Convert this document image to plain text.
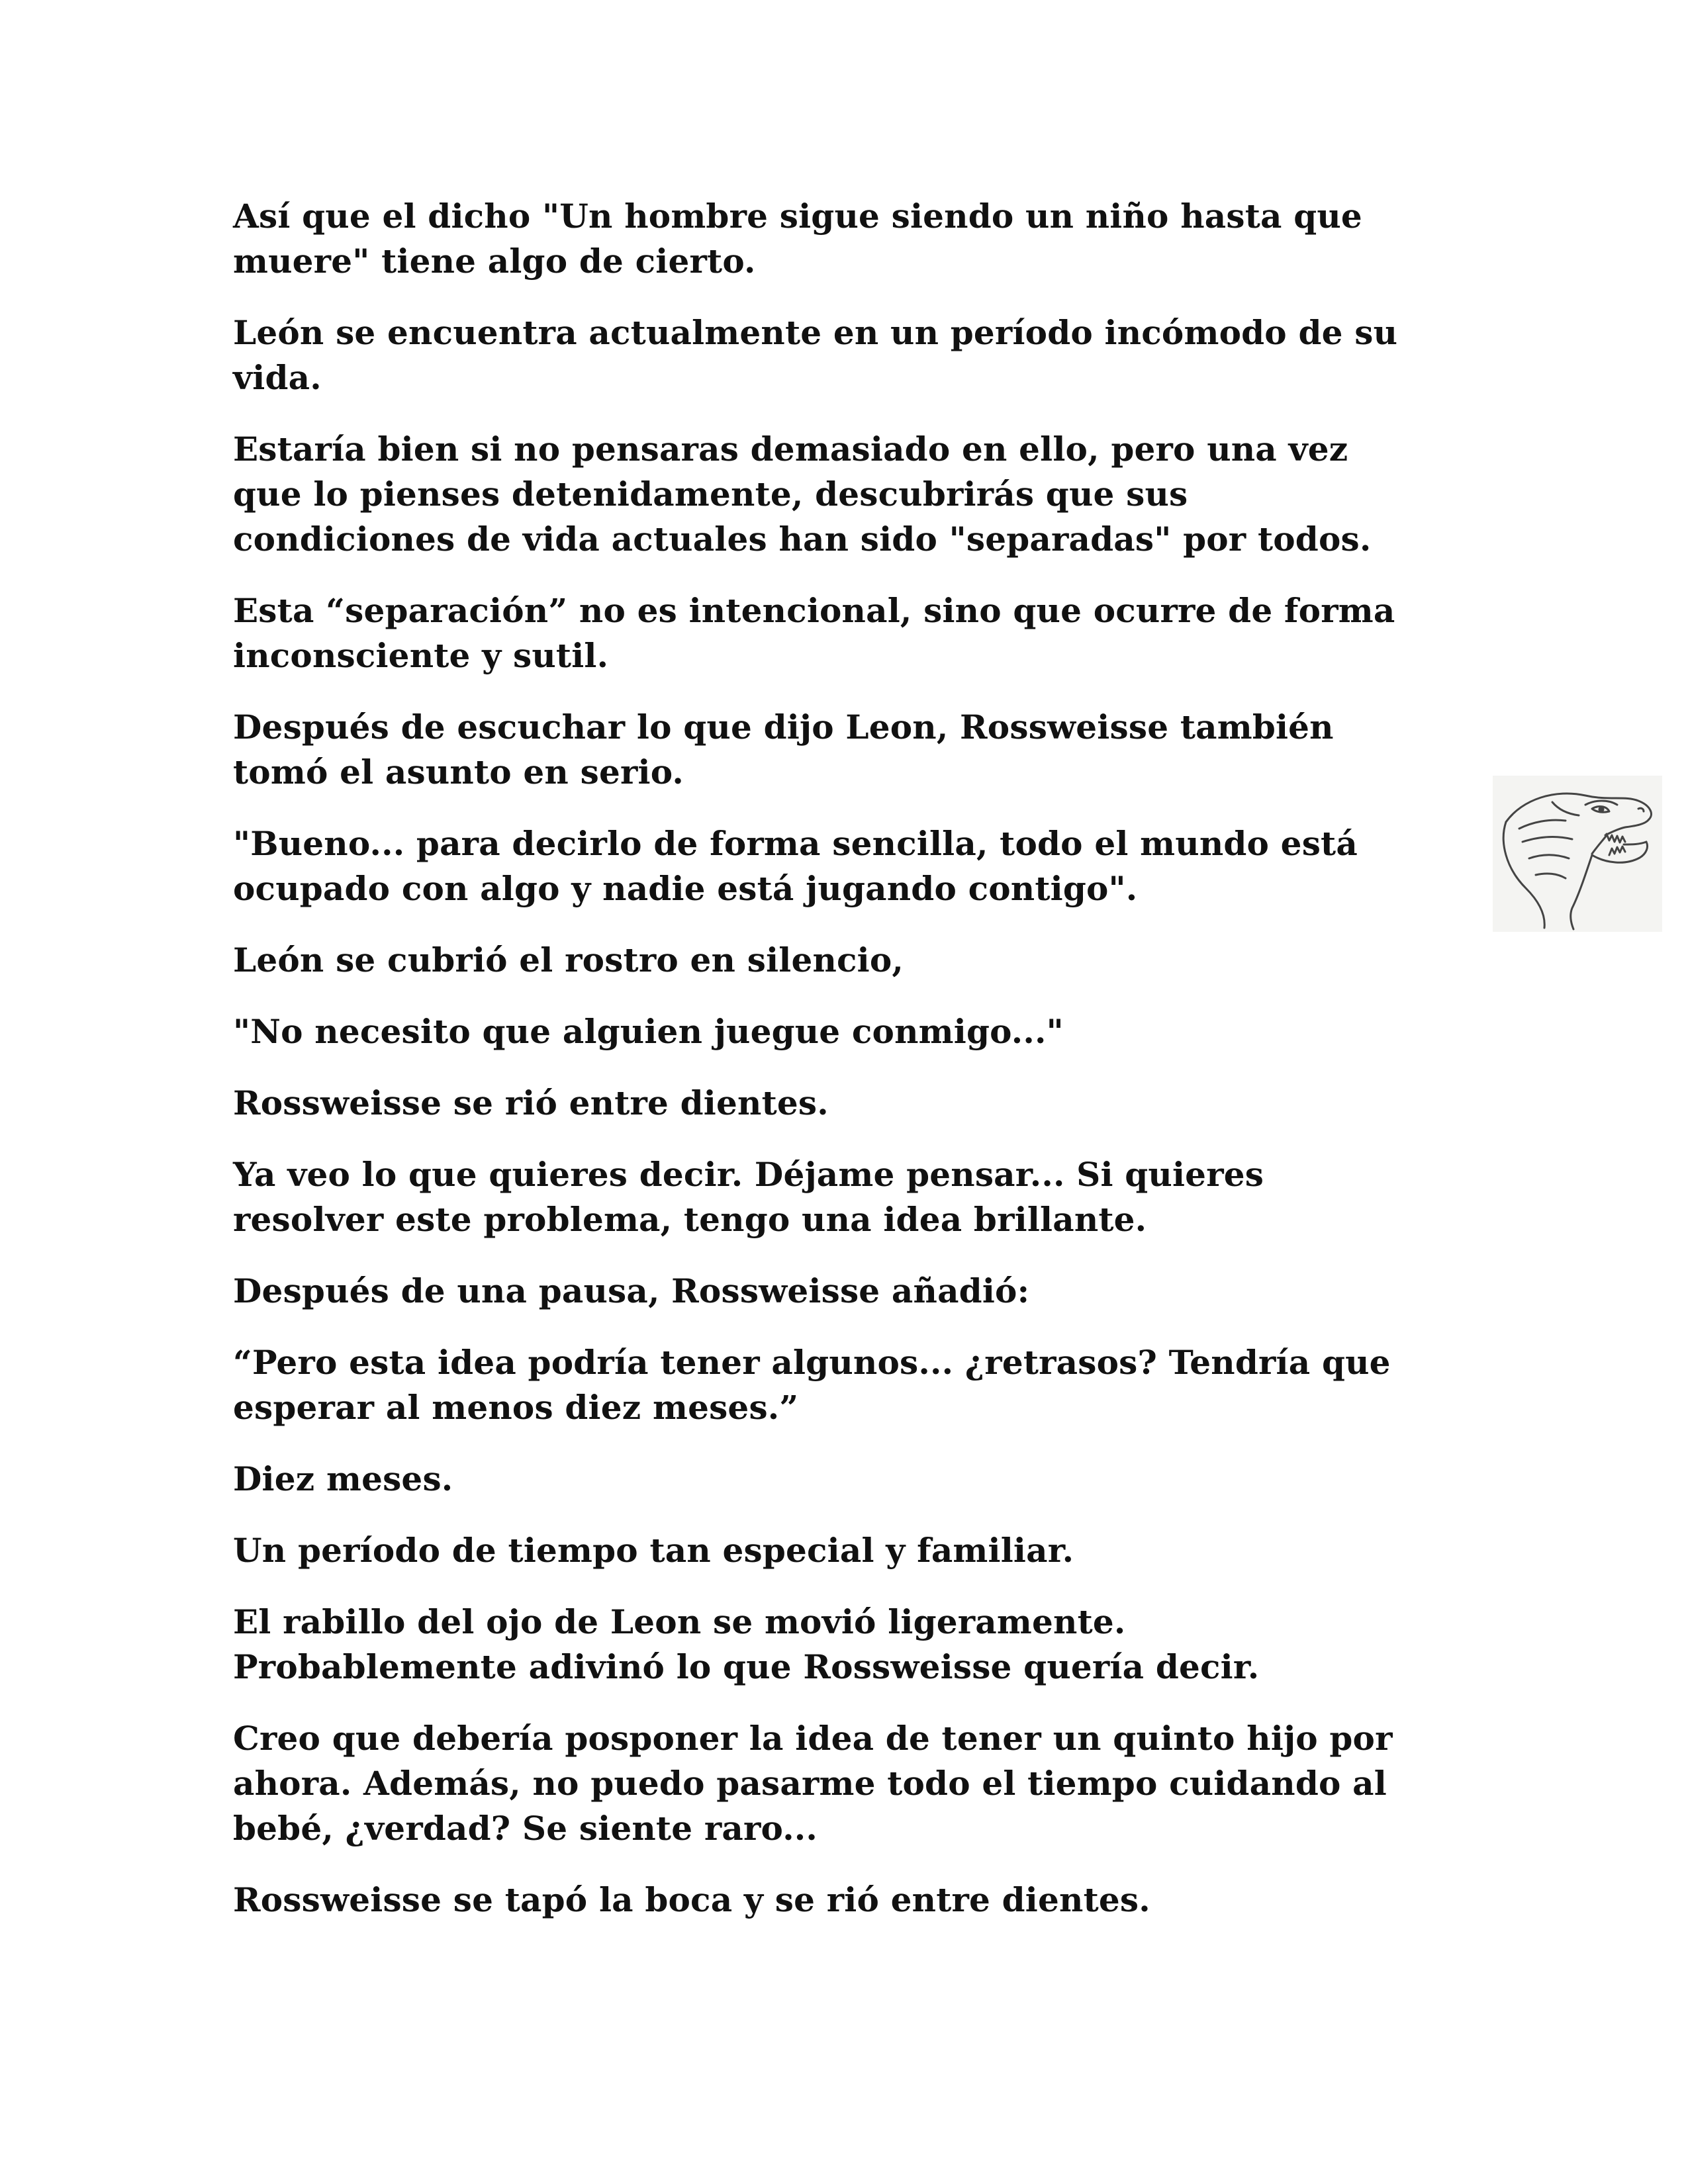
Así que el dicho "Un hombre sigue siendo un niño hasta que
muere" tiene algo de cierto.

León se encuentra actualmente en un período incómodo de su
vida.

Estaría bien si no pensaras demasiado en ello, pero una vez
que lo pienses detenidamente, descubrirás que sus
condiciones de vida actuales han sido "separadas" por todos.

Esta “separación” no es intencional, sino que ocurre de forma
inconsciente y sutil.

Después de escuchar lo que dijo Leon, Rossweisse también
tomó el asunto en serio.

"Bueno... para decirlo de forma sencilla, todo el mundo está
ocupado con algo y nadie está jugando contigo".

León se cubrió el rostro en silencio,

"No necesito que alguien juegue conmigo..."

Rossweisse se rió entre dientes.

Ya veo lo que quieres decir. Déjame pensar... Si quieres
resolver este problema, tengo una idea brillante.

Después de una pausa, Rossweisse añadió:

“Pero esta idea podría tener algunos... ¿retrasos? Tendría que
esperar al menos diez meses.”

Diez meses.

Un período de tiempo tan especial y familiar.

El rabillo del ojo de Leon se movió ligeramente.
Probablemente adivinó lo que Rossweisse quería decir.

Creo que debería posponer la idea de tener un quinto hijo por
ahora. Además, no puedo pasarme todo el tiempo cuidando al
bebé, ¿verdad? Se siente raro...

Rossweisse se tapó la boca y se rió entre dientes.
